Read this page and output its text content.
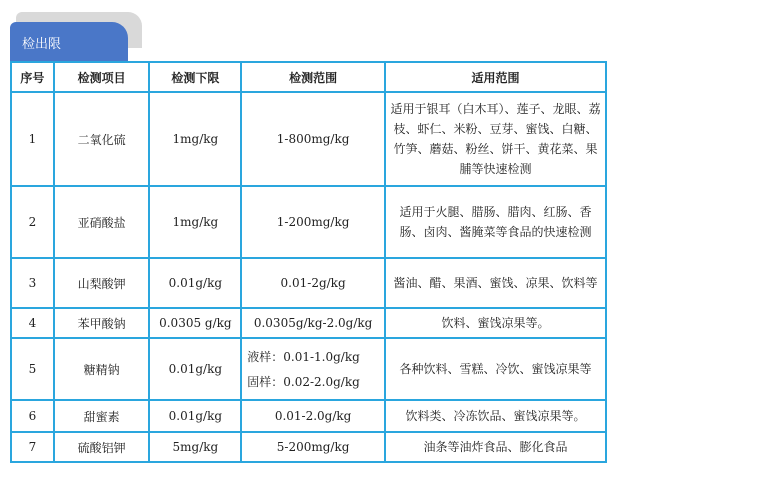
检出限
序号	检测项目	检测下限	检测范围	适用范围
1	二氧化硫	1mg/kg	1-800mg/kg	适用于银耳（白木耳）、莲子、龙眼、荔枝、虾仁、米粉、豆芽、蜜饯、白糖、竹笋、蘑菇、粉丝、饼干、黄花菜、果脯等快速检测
2	亚硝酸盐	1mg/kg	1-200mg/kg	适用于火腿、腊肠、腊肉、红肠、香肠、卤肉、酱腌菜等食品的快速检测
3	山梨酸钾	0.01g/kg	0.01-2g/kg	酱油、醋、果酒、蜜饯、凉果、饮料等
4	苯甲酸钠	0.0305 g/kg	0.0305g/kg-2.0g/kg	饮料、蜜饯凉果等。
5	糖精钠	0.01g/kg	液样：0.01-1.0g/kg
固样：0.02-2.0g/kg	各种饮料、雪糕、冷饮、蜜饯凉果等
6	甜蜜素	0.01g/kg	0.01-2.0g/kg	饮料类、冷冻饮品、蜜饯凉果等。
7	硫酸铝钾	5mg/kg	5-200mg/kg	油条等油炸食品、膨化食品
